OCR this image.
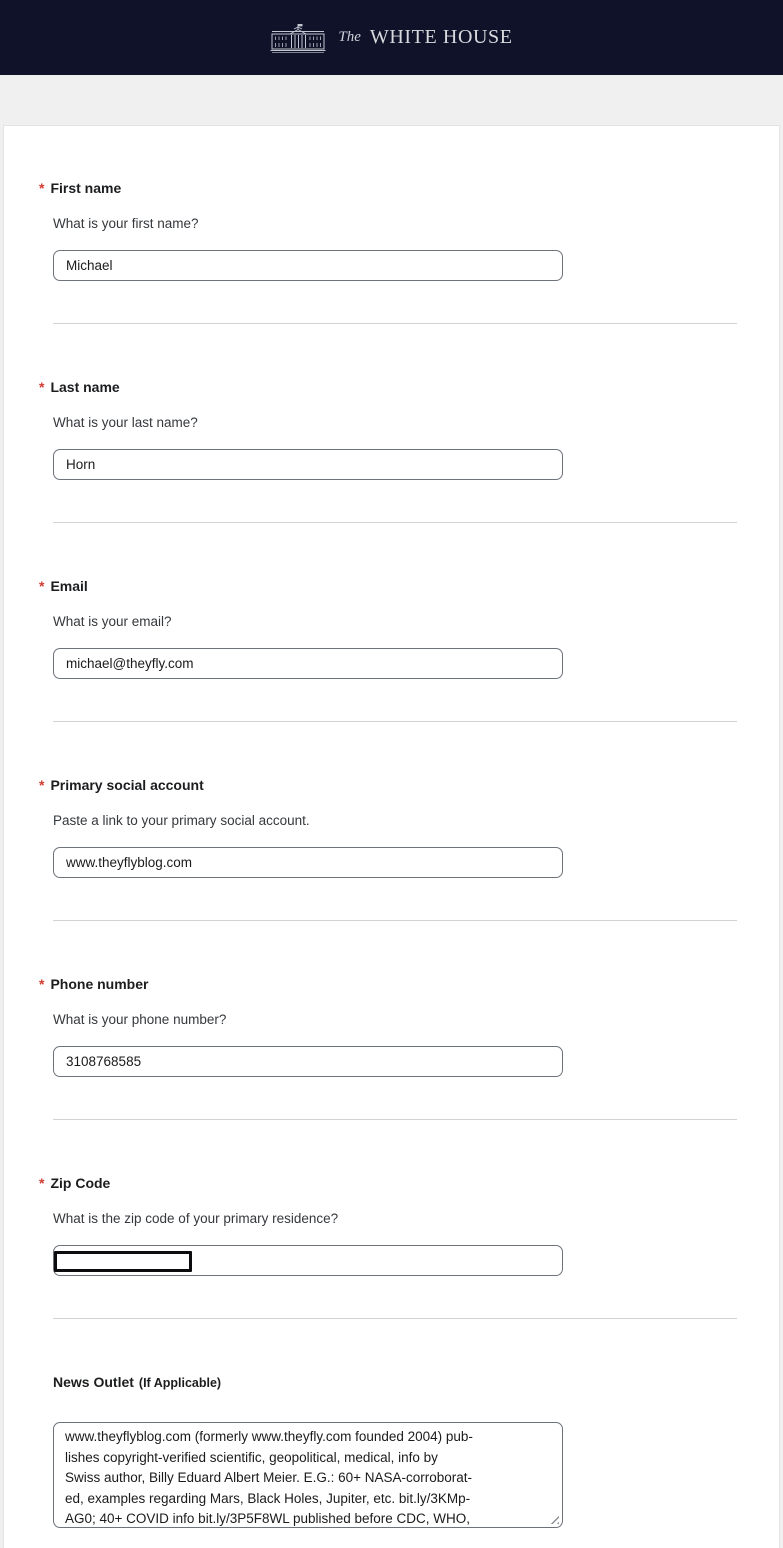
The WHITE HOUSE
* First name

What is your first name?

Michael
* Last name

What is your last name?

Horn
* Email

What is your email?

michael@theyfly.com
* Primary social account

Paste a link to your primary social account.

www.theyflyblog.com
* Phone number

What is your phone number?

3108768585
* Zip Code

What is the zip code of your primary residence?

News Outlet (If Applicable)
www.theyflyblog.com (formerly www.theyfly.com founded 2004) pub- lishes copyright-verified scientific, geopolitical, medical, info by Swiss author, Billy Eduard Albert Meier. E.G.: 60+ NASA-corroborat- ed, examples regarding Mars, Black Holes, Jupiter, etc. bit.ly/3KMp- AG0; 40+ COVID info bit.ly/3P5F8WL published before CDC, WHO,
